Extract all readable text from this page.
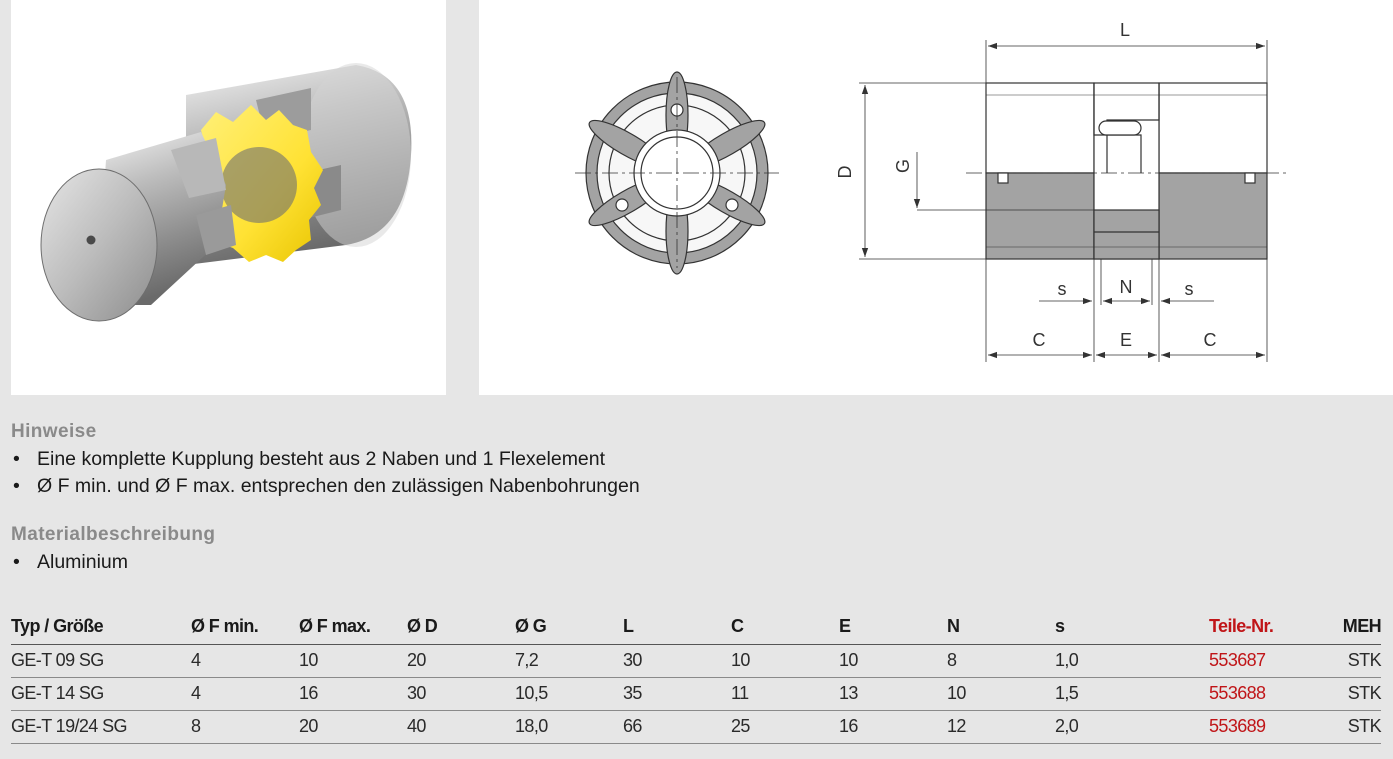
L
D G
s	N	s
C	E	C
Hinweise
• Eine komplette Kupplung besteht aus 2 Naben und 1 Flexelement
• Ø F min. und Ø F max. entsprechen den zulässigen Nabenbohrungen
Materialbeschreibung
• Aluminium
Typ / Größe	Ø F min.	Ø F max.	Ø D	Ø G	L	C	E	N	s	Teile-Nr.	MEH
GE-T 09 SG	4	10	20	7,2	30	10	10	8	1,0	553687	STK
GE-T 14 SG	4	16	30	10,5	35	11	13	10	1,5	553688	STK
GE-T 19/24 SG	8	20	40	18,0	66	25	16	12	2,0	553689	STK
